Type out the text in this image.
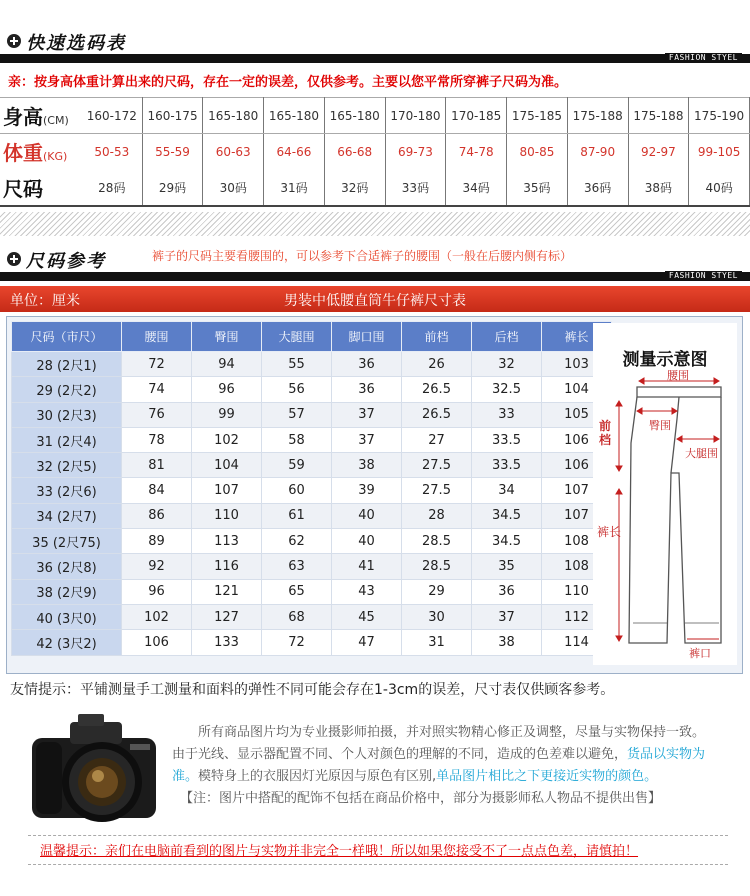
快速选码表
FASHION STYEL
亲：按身高体重计算出来的尺码，存在一定的误差，仅供参考。主要以您平常所穿裤子尺码为准。
身高(CM)	160-172	160-175	165-180	165-180	165-180	170-180	170-185	175-185	175-188	175-188	175-190
体重(KG)	50-53	55-59	60-63	64-66	66-68	69-73	74-78	80-85	87-90	92-97	99-105
尺码	28码	29码	30码	31码	32码	33码	34码	35码	36码	38码	40码
尺码参考	裤子的尺码主要看腰围的，可以参考下合适裤子的腰围（一般在后腰内侧有标）
FASHION STYEL
男装中低腰直筒牛仔裤尺寸表
单位：厘米
尺码（市尺）	腰围	臀围	大腿围	脚口围	前档	后档	裤长
28 (2尺1)	72	94	55	36	26	32	103
29 (2尺2)	74	96	56	36	26.5	32.5	104
30 (2尺3)	76	99	57	37	26.5	33	105
31 (2尺4)	78	102	58	37	27	33.5	106
32 (2尺5)	81	104	59	38	27.5	33.5	106
33 (2尺6)	84	107	60	39	27.5	34	107
34 (2尺7)	86	110	61	40	28	34.5	107
35 (2尺75)	89	113	62	40	28.5	34.5	108
36 (2尺8)	92	116	63	41	28.5	35	108
38 (2尺9)	96	121	65	43	29	36	110
40 (3尺0)	102	127	68	45	30	37	112
42 (3尺2)	106	133	72	47	31	38	114
测量示意图
腰围
臀围
前档
大腿围
裤长
裤口
友情提示：平铺测量手工测量和面料的弹性不同可能会存在1-3cm的误差，尺寸表仅供顾客参考。
所有商品图片均为专业摄影师拍摄，并对照实物精心修正及调整，尽量与实物保持一致。由于光线、显示器配置不同、个人对颜色的理解的不同，造成的色差难以避免，货品以实物为准。模特身上的衣服因灯光原因与原色有区别,单品图片相比之下更接近实物的颜色。
【注：图片中搭配的配饰不包括在商品价格中，部分为摄影师私人物品不提供出售】
温馨提示：亲们在电脑前看到的图片与实物并非完全一样哦！所以如果您接受不了一点点色差，请慎拍！
